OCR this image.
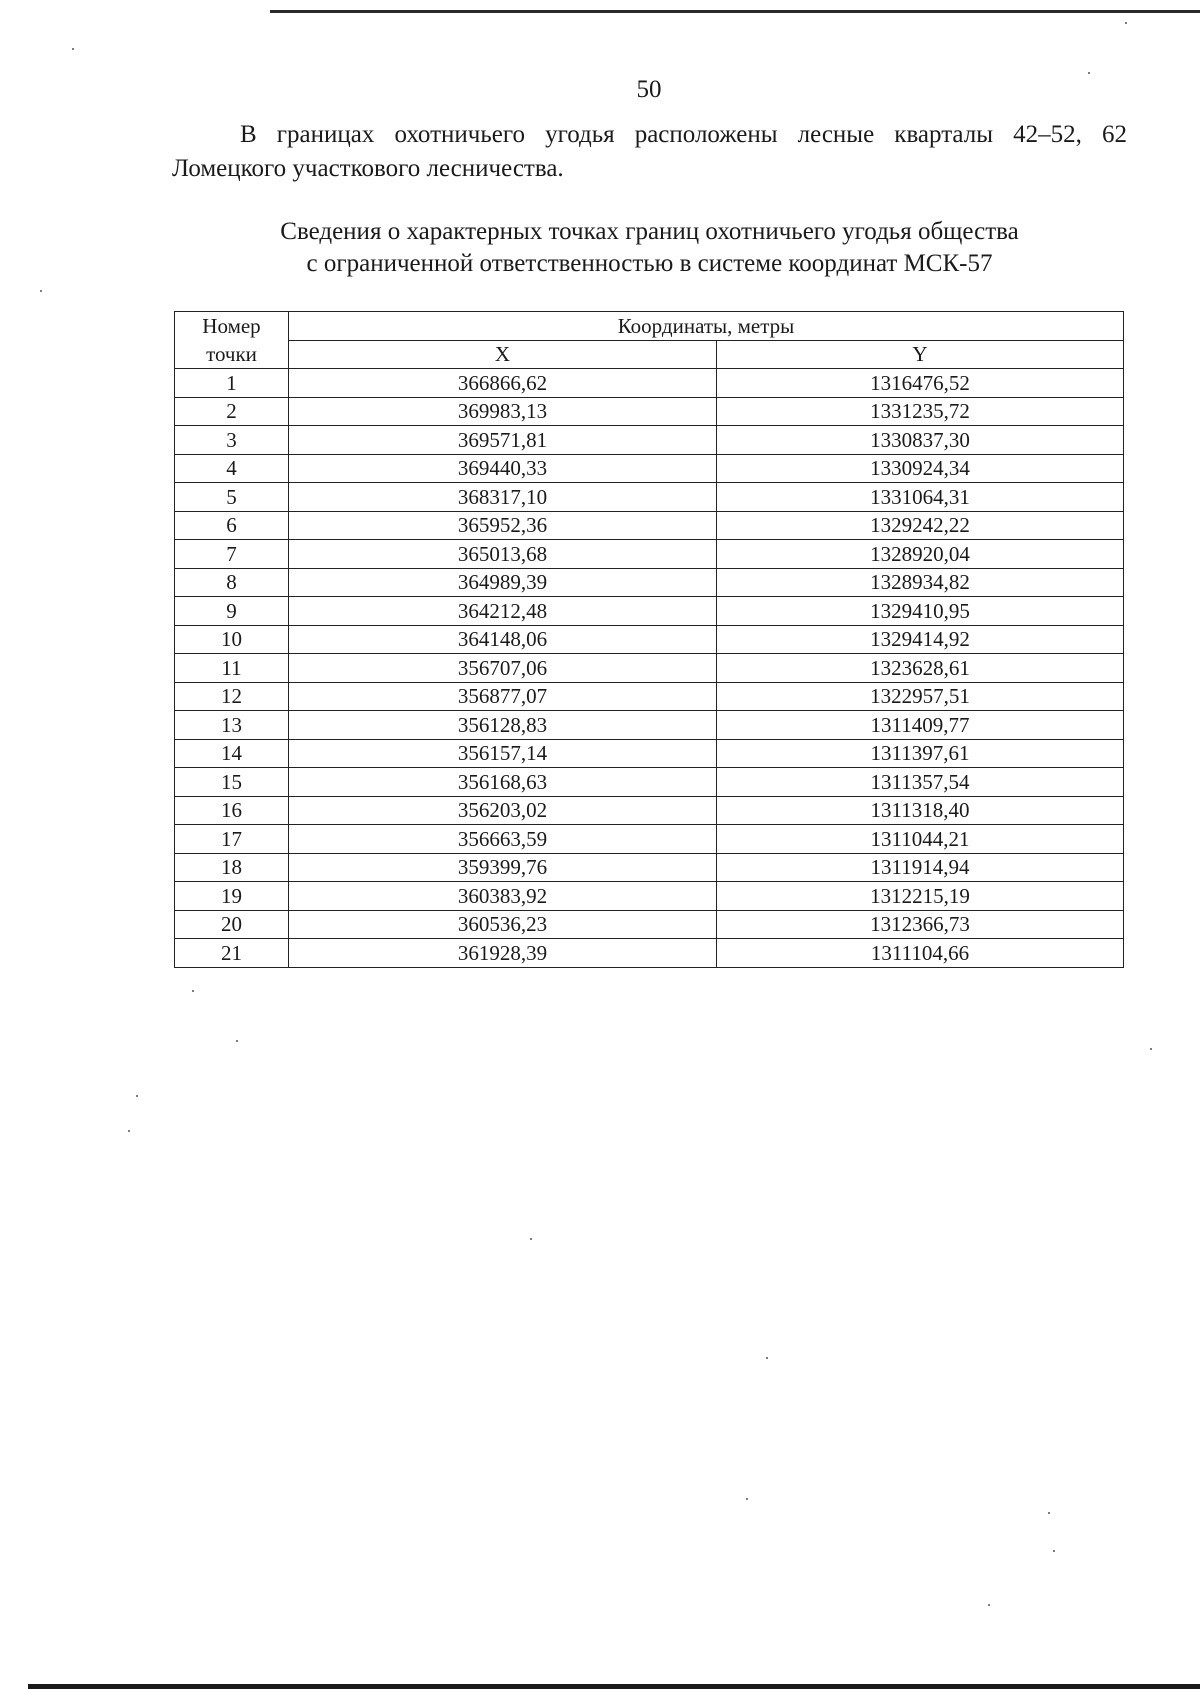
50
В границах охотничьего угодья расположены лесные кварталы 42–52, 62 Ломецкого участкового лесничества.
Сведения о характерных точках границ охотничьего угодья общества
с ограниченной ответственностью в системе координат МСК-57
Номер
точки	Координаты, метры	
	X	Y
1	366866,62	1316476,52
2	369983,13	1331235,72
3	369571,81	1330837,30
4	369440,33	1330924,34
5	368317,10	1331064,31
6	365952,36	1329242,22
7	365013,68	1328920,04
8	364989,39	1328934,82
9	364212,48	1329410,95
10	364148,06	1329414,92
11	356707,06	1323628,61
12	356877,07	1322957,51
13	356128,83	1311409,77
14	356157,14	1311397,61
15	356168,63	1311357,54
16	356203,02	1311318,40
17	356663,59	1311044,21
18	359399,76	1311914,94
19	360383,92	1312215,19
20	360536,23	1312366,73
21	361928,39	1311104,66
